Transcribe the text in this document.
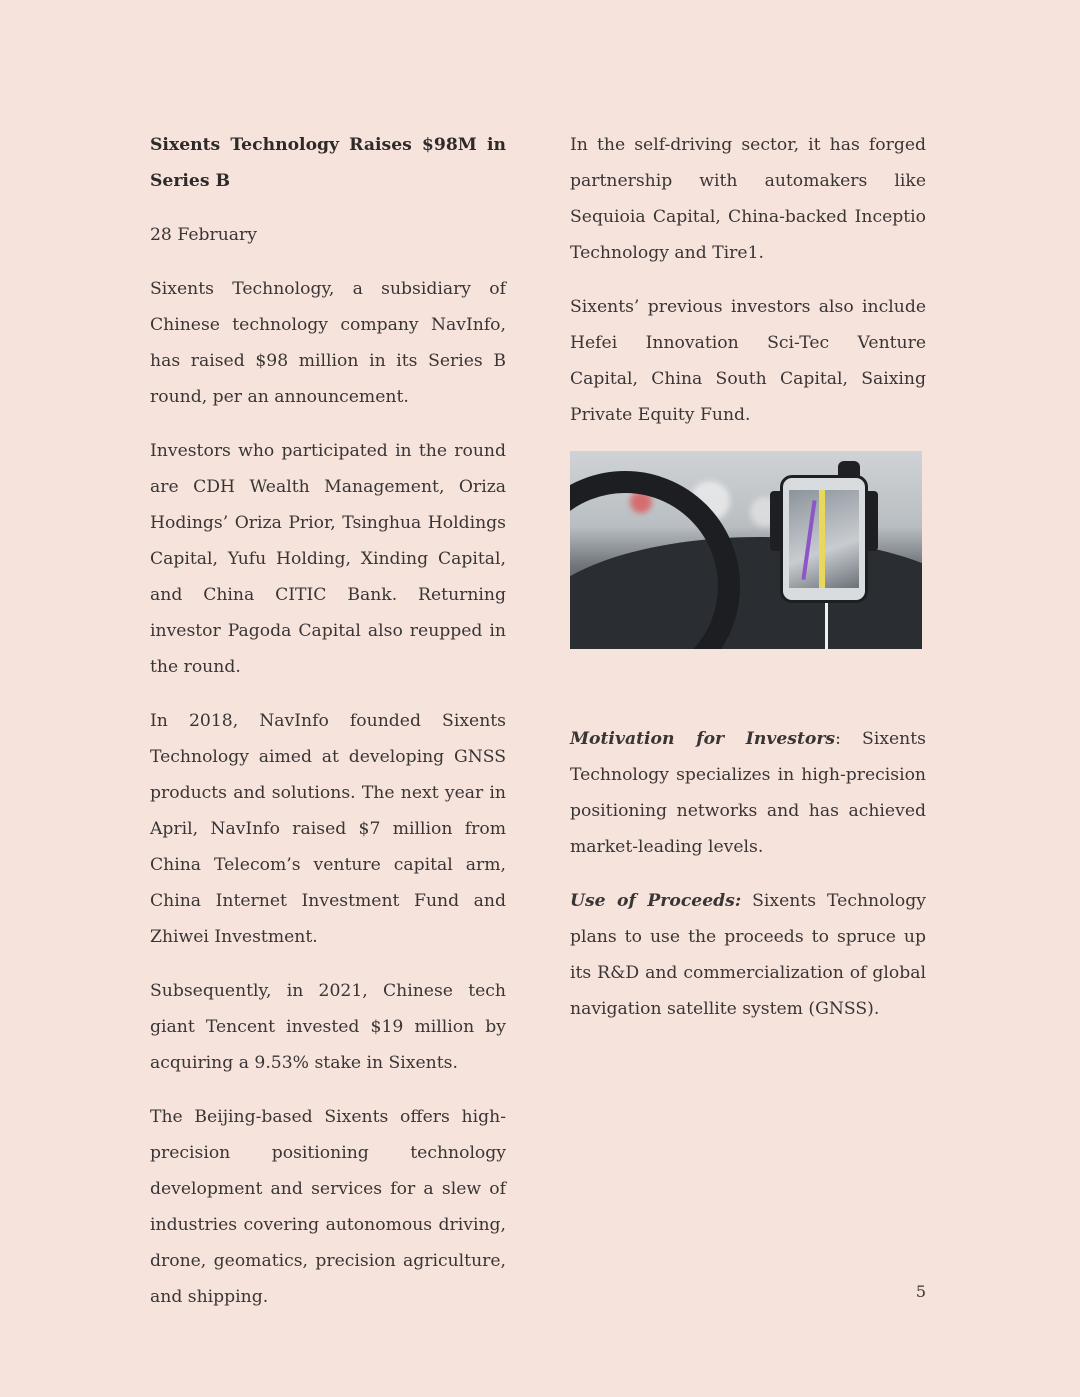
Sixents Technology Raises $98M in Series B

28 February

Sixents Technology, a subsidiary of Chinese technology company NavInfo, has raised $98 million in its Series B round, per an announcement.

Investors who participated in the round are CDH Wealth Management, Oriza Hodings’ Oriza Prior, Tsinghua Holdings Capital, Yufu Holding, Xinding Capital, and China CITIC Bank. Returning investor Pagoda Capital also reupped in the round.

In 2018, NavInfo founded Sixents Technology aimed at developing GNSS products and solutions. The next year in April, NavInfo raised $7 million from China Telecom’s venture capital arm, China Internet Investment Fund and Zhiwei Investment.

Subsequently, in 2021, Chinese tech giant Tencent invested $19 million by acquiring a 9.53% stake in Sixents.

The Beijing-based Sixents offers high-precision positioning technology development and services for a slew of industries covering autonomous driving, drone, geomatics, precision agriculture, and shipping.

In the self-driving sector, it has forged partnership with automakers like Sequioia Capital, China-backed Inceptio Technology and Tire1.

Sixents’ previous investors also include Hefei Innovation Sci-Tec Venture Capital, China South Capital, Saixing Private Equity Fund.

Motivation for Investors: Sixents Technology specializes in high-precision positioning networks and has achieved market-leading levels.

Use of Proceeds: Sixents Technology plans to use the proceeds to spruce up its R&D and commercialization of global navigation satellite system (GNSS).

5
